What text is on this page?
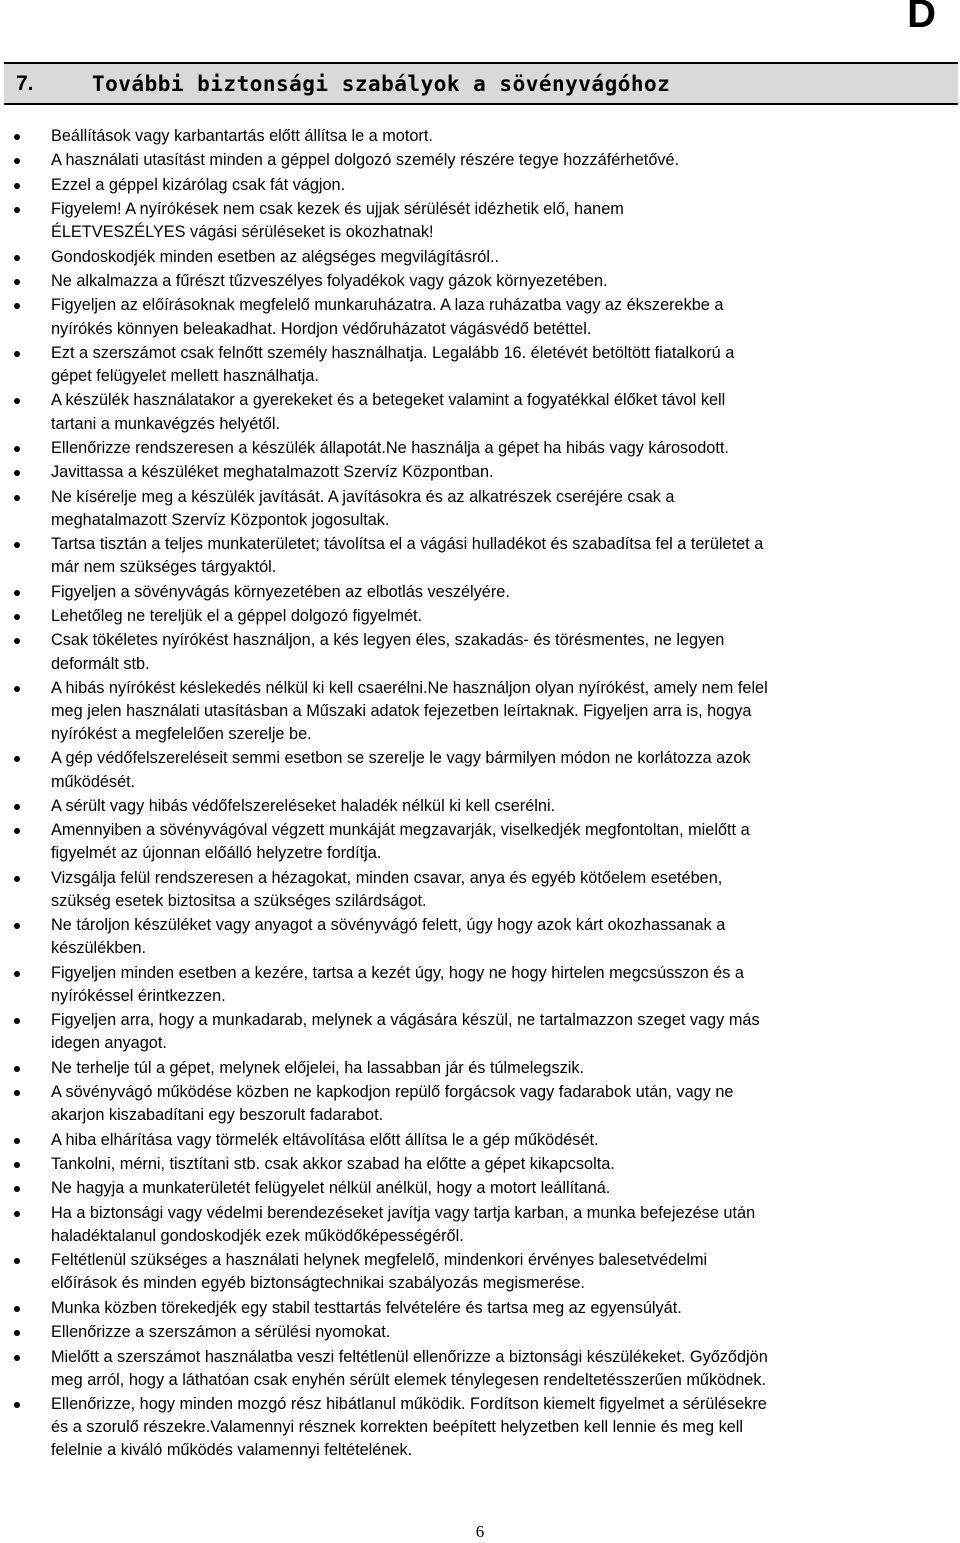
D
7.	További biztonsági szabályok a sövényvágóhoz
Beállítások vagy karbantartás előtt állítsa le a motort.
A használati utasítást minden a géppel dolgozó személy részére tegye hozzáférhetővé.
Ezzel a géppel kizárólag csak fát vágjon.
Figyelem! A nyírókések nem csak kezek és ujjak sérülését idézhetik elő, hanem
ÉLETVESZÉLYES vágási sérüléseket is okozhatnak!
Gondoskodjék minden esetben az alégséges megvilágításról..
Ne alkalmazza a fűrészt tűzveszélyes folyadékok vagy gázok környezetében.
Figyeljen az előírásoknak megfelelő munkaruházatra. A laza ruházatba vagy az ékszerekbe a
nyírókés könnyen beleakadhat. Hordjon védőruházatot vágásvédő betéttel.
Ezt a szerszámot csak felnőtt személy használhatja. Legalább 16. életévét betöltött fiatalkorú a
gépet felügyelet mellett használhatja.
A készülék használatakor a gyerekeket és a betegeket valamint a fogyatékkal élőket távol kell
tartani a munkavégzés helyétől.
Ellenőrizze rendszeresen a készülék állapotát.Ne használja a gépet ha hibás vagy károsodott.
Javittassa a készüléket meghatalmazott Szervíz Központban.
Ne kísérelje meg a készülék javítását. A javításokra és az alkatrészek cseréjére csak a
meghatalmazott Szervíz Központok jogosultak.
Tartsa tisztán a teljes munkaterületet; távolítsa el a vágási hulladékot és szabadítsa fel a területet a
már nem szükséges tárgyaktól.
Figyeljen a sövényvágás környezetében az elbotlás veszélyére.
Lehetőleg ne tereljük el a géppel dolgozó figyelmét.
Csak tökéletes nyírókést használjon, a kés legyen éles, szakadás- és törésmentes, ne legyen
deformált stb.
A hibás nyírókést késlekedés nélkül ki kell csaerélni.Ne használjon olyan nyírókést, amely nem felel
meg jelen használati utasításban a Műszaki adatok fejezetben leírtaknak. Figyeljen arra is, hogya
nyírókést a megfelelően szerelje be.
A gép védőfelszereléseit semmi esetbon se szerelje le vagy bármilyen módon ne korlátozza azok
működését.
A sérült vagy hibás védőfelszereléseket haladék nélkül ki kell cserélni.
Amennyiben a sövényvágóval végzett munkáját megzavarják, viselkedjék megfontoltan, mielőtt a
figyelmét az újonnan előálló helyzetre fordítja.
Vizsgálja felül rendszeresen a hézagokat, minden csavar, anya és egyéb kötőelem esetében,
szükség esetek biztositsa a szükséges szilárdságot.
Ne tároljon készüléket vagy anyagot a sövényvágó felett, úgy hogy azok kárt okozhassanak a
készülékben.
Figyeljen minden esetben a kezére, tartsa a kezét úgy, hogy ne hogy hirtelen megcsússzon és a
nyírókéssel érintkezzen.
Figyeljen arra, hogy a munkadarab, melynek a vágására készül, ne tartalmazzon szeget vagy más
idegen anyagot.
Ne terhelje túl a gépet, melynek előjelei, ha lassabban jár és túlmelegszik.
A sövényvágó működése közben ne kapkodjon repülő forgácsok vagy fadarabok után, vagy ne
akarjon kiszabadítani egy beszorult fadarabot.
A hiba elhárítása vagy törmelék eltávolítása előtt állítsa le a gép működését.
Tankolni, mérni, tisztítani stb. csak akkor szabad ha előtte a gépet kikapcsolta.
Ne hagyja a munkaterületét felügyelet nélkül anélkül, hogy a motort leállítaná.
Ha a biztonsági vagy védelmi berendezéseket javítja vagy tartja karban, a munka befejezése után
haladéktalanul gondoskodjék ezek működőképességéről.
Feltétlenül szükséges a használati helynek megfelelő, mindenkori érvényes balesetvédelmi
előírások és minden egyéb biztonságtechnikai szabályozás megismerése.
Munka közben törekedjék egy stabil testtartás felvételére és tartsa meg az egyensúlyát.
Ellenőrizze a szerszámon a sérülési nyomokat.
Mielőtt a szerszámot használatba veszi feltétlenül ellenőrizze a biztonsági készülékeket. Győződjön
meg arról, hogy a láthatóan csak enyhén sérült elemek ténylegesen rendeltetésszerűen működnek.
Ellenőrizze, hogy minden mozgó rész hibátlanul működik. Fordítson kiemelt figyelmet a sérülésekre
és a szorulő részekre.Valamennyi résznek korrekten beépített helyzetben kell lennie és meg kell
felelnie a kiváló működés valamennyi feltételének.
6
